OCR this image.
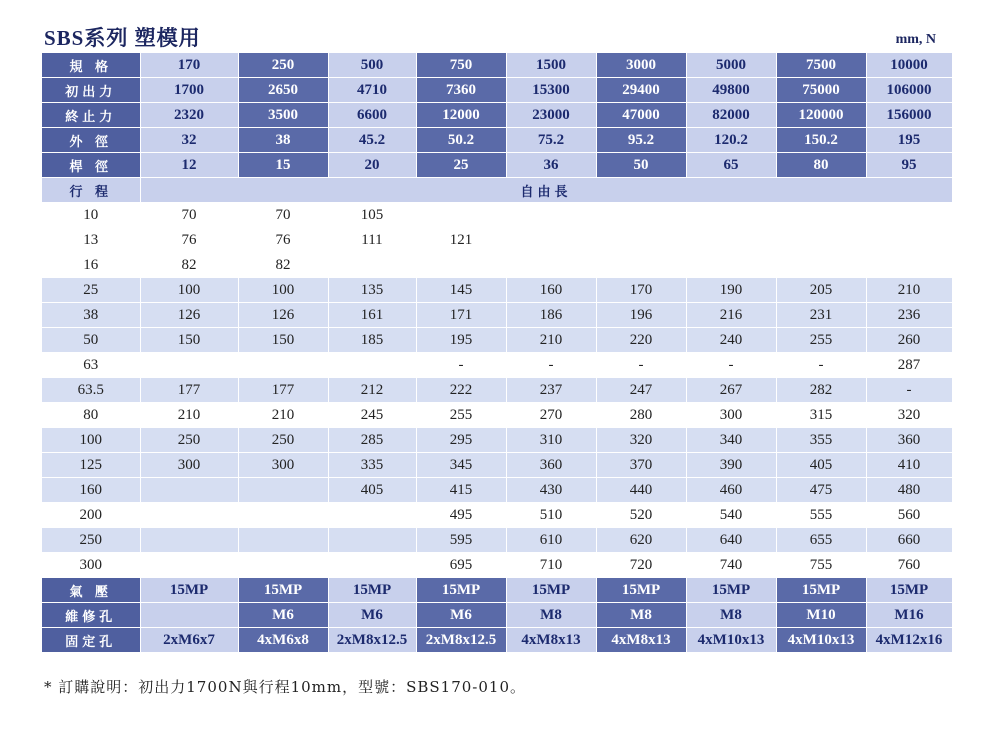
SBS系列 塑模用	mm, N
規 格	170	250	500	750	1500	3000	5000	7500	10000
初出力	1700	2650	4710	7360	15300	29400	49800	75000	106000
終止力	2320	3500	6600	12000	23000	47000	82000	120000	156000
外 徑	32	38	45.2	50.2	75.2	95.2	120.2	150.2	195
桿 徑	12	15	20	25	36	50	65	80	95
行 程	自由長								
10	70	70	105						
13	76	76	111	121					
16	82	82							
25	100	100	135	145	160	170	190	205	210
38	126	126	161	171	186	196	216	231	236
50	150	150	185	195	210	220	240	255	260
63				-	-	-	-	-	287
63.5	177	177	212	222	237	247	267	282	-
80	210	210	245	255	270	280	300	315	320
100	250	250	285	295	310	320	340	355	360
125	300	300	335	345	360	370	390	405	410
160			405	415	430	440	460	475	480
200				495	510	520	540	555	560
250				595	610	620	640	655	660
300				695	710	720	740	755	760
氣 壓	15MP	15MP	15MP	15MP	15MP	15MP	15MP	15MP	15MP
維修孔		M6	M6	M6	M8	M8	M8	M10	M16
固定孔	2xM6x7	4xM6x8	2xM8x12.5	2xM8x12.5	4xM8x13	4xM8x13	4xM10x13	4xM10x13	4xM12x16
* 訂購說明：初出力1700N與行程10mm，型號：SBS170-010。
